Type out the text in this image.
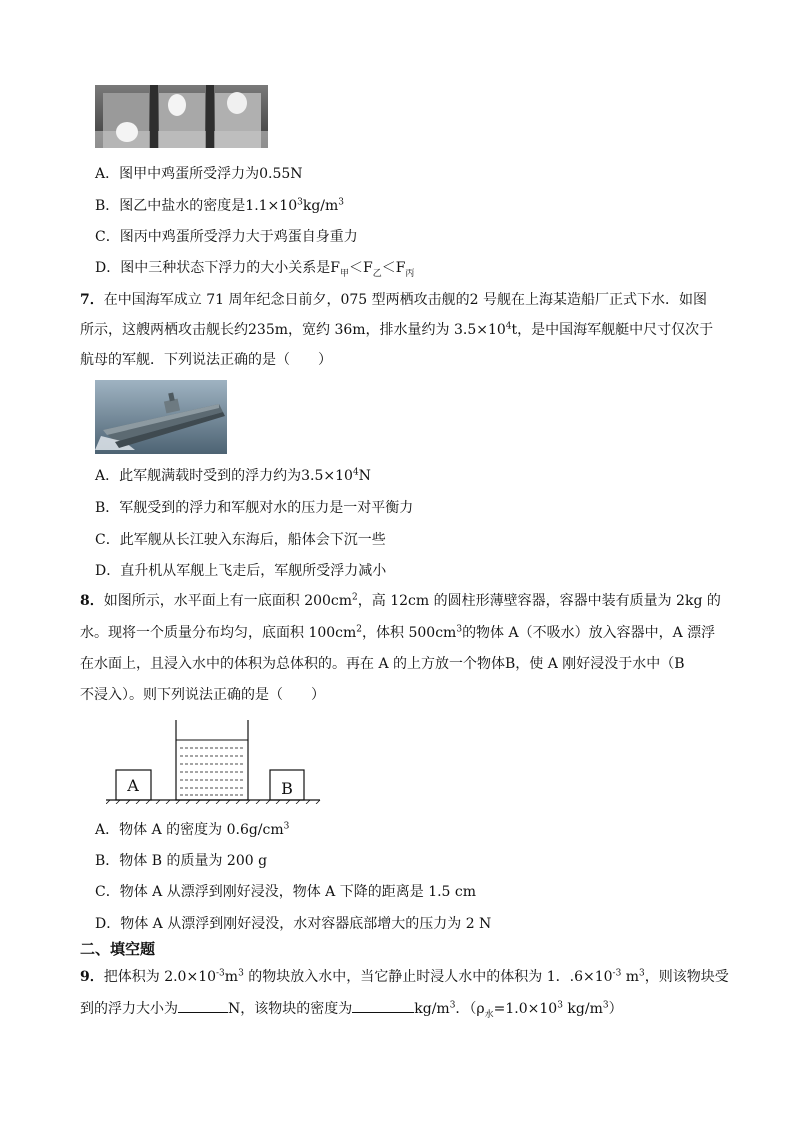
A．图甲中鸡蛋所受浮力为0.55N
B．图乙中盐水的密度是$1.1\times 10^3kg/m^3$
C．图丙中鸡蛋所受浮力大于鸡蛋自身重力
D．图中三种状态下浮力的大小关系是$F_甲<F_乙<F_丙$
7．在中国海军成立 71 周年纪念日前夕，075 型两栖攻击舰的2 号舰在上海某造船厂正式下水．如图
所示，这艘两栖攻击舰长约235m，宽约 36m，排水量约为 $3.5\times 10^4t$，是中国海军舰艇中尺寸仅次于
航母的军舰．下列说法正确的是（　　）
A．此军舰满载时受到的浮力约为$3.5\times 10^4N$
B．军舰受到的浮力和军舰对水的压力是一对平衡力
C．此军舰从长江驶入东海后，船体会下沉一些
D．直升机从军舰上飞走后，军舰所受浮力减小
8．如图所示，水平面上有一底面积 $200cm^2$，高 12cm 的圆柱形薄壁容器，容器中装有质量为 2kg 的
水。现将一个质量分布均匀，底面积 $100cm^2$，体积 $500cm^3$的物体 A（不吸水）放入容器中，A 漂浮
在水面上，且浸入水中的体积为总体积的。再在 A 的上方放一个物体B，使 A 刚好浸没于水中（B
不浸入）。则下列说法正确的是（　　）
A	B
A．物体 A 的密度为 $0.6g/cm^3$
B．物体 B 的质量为 200 g
C．物体 A 从漂浮到刚好浸没，物体 A 下降的距离是 1.5 cm
D．物体 A 从漂浮到刚好浸没，水对容器底部增大的压力为 2 N
二、填空题
9．把体积为 $2.0\times 10^{-3}m^3$ 的物块放入水中，当它静止时浸人水中的体积为 1．$.6\times 10^{-3}$ $m^3$，则该物块受
到的浮力大小为	N，该物块的密度为	$kg/m^3$．（$\rho_水=1.0\times 10^3$ $kg/m^3$）
